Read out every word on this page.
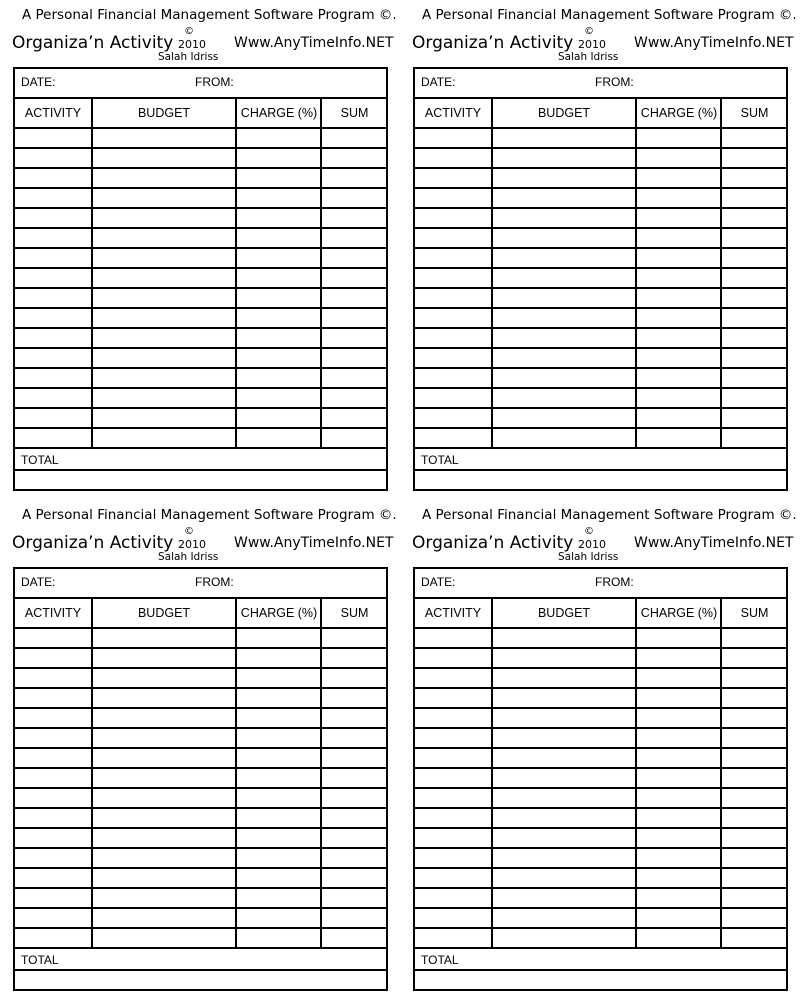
A Personal Financial Management Software Program ©.
Organiza’n Activity
©
2010
Salah Idriss
Www.AnyTimeInfo.NET
DATE:	FROM:
ACTIVITY	BUDGET	CHARGE (%)	SUM
TOTAL
A Personal Financial Management Software Program ©.
Organiza’n Activity
©
2010
Salah Idriss
Www.AnyTimeInfo.NET
DATE:	FROM:
ACTIVITY	BUDGET	CHARGE (%)	SUM
TOTAL
A Personal Financial Management Software Program ©.
Organiza’n Activity
©
2010
Salah Idriss
Www.AnyTimeInfo.NET
DATE:	FROM:
ACTIVITY	BUDGET	CHARGE (%)	SUM
TOTAL
A Personal Financial Management Software Program ©.
Organiza’n Activity
©
2010
Salah Idriss
Www.AnyTimeInfo.NET
DATE:	FROM:
ACTIVITY	BUDGET	CHARGE (%)	SUM
TOTAL
